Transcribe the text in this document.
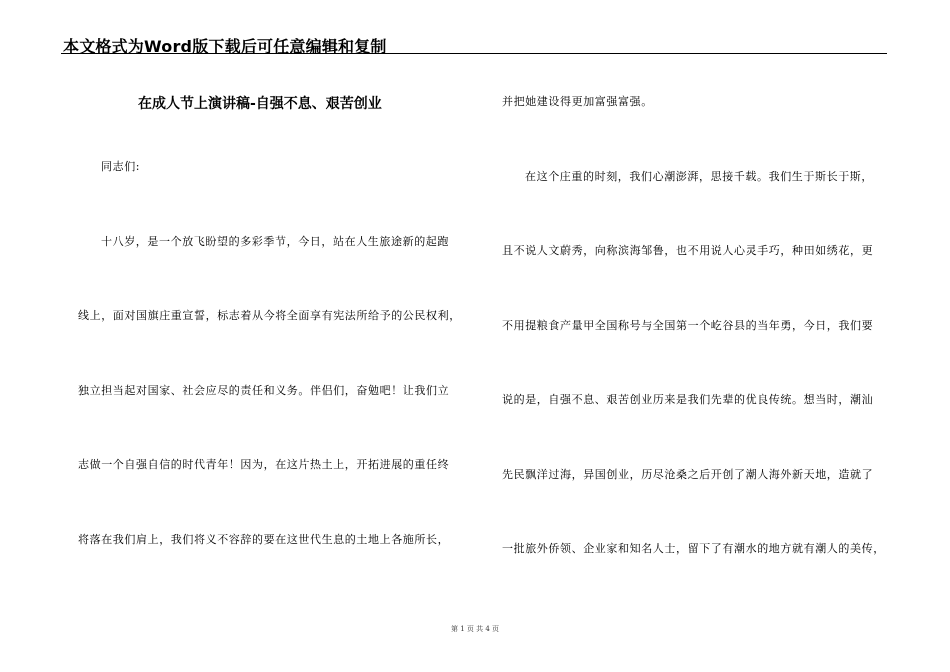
本文格式为Word版下载后可任意编辑和复制
在成人节上演讲稿-自强不息、艰苦创业
同志们:
十八岁，是一个放飞盼望的多彩季节，今日，站在人生旅途新的起跑
线上，面对国旗庄重宣誓，标志着从今将全面享有宪法所给予的公民权利，
独立担当起对国家、社会应尽的责任和义务。伴侣们，奋勉吧！让我们立
志做一个自强自信的时代青年！因为，在这片热土上，开拓进展的重任终
将落在我们肩上，我们将义不容辞的要在这世代生息的土地上各施所长，
并把她建设得更加富强富强。
在这个庄重的时刻，我们心潮澎湃，思接千载。我们生于斯长于斯，
且不说人文蔚秀，向称滨海邹鲁，也不用说人心灵手巧，种田如绣花，更
不用提粮食产量甲全国称号与全国第一个屹谷县的当年勇，今日，我们要
说的是，自强不息、艰苦创业历来是我们先辈的优良传统。想当时，潮汕
先民飘洋过海，异国创业，历尽沧桑之后开创了潮人海外新天地，造就了
一批旅外侨领、企业家和知名人士，留下了有潮水的地方就有潮人的美传，
第 1 页 共 4 页
